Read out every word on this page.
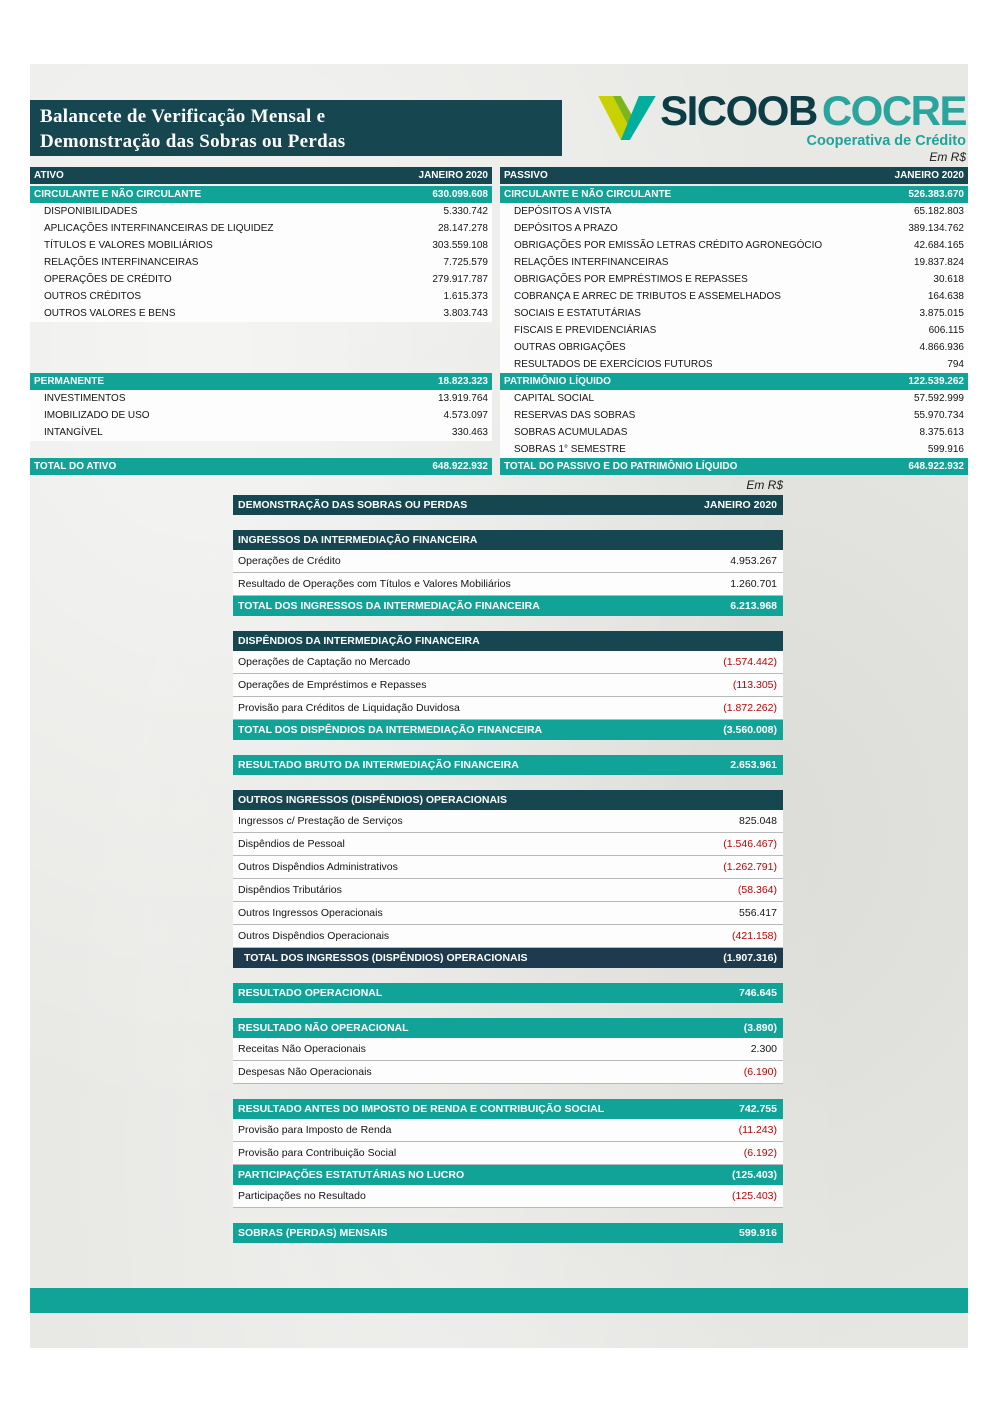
Balancete de Verificação Mensal e
Demonstração das Sobras ou Perdas
SICOOB COCRE
Cooperativa de Crédito
Em R$
ATIVO	JANEIRO 2020
CIRCULANTE E NÃO CIRCULANTE	630.099.608
DISPONIBILIDADES	5.330.742
APLICAÇÕES INTERFINANCEIRAS DE LIQUIDEZ	28.147.278
TÍTULOS E VALORES MOBILIÁRIOS	303.559.108
RELAÇÕES INTERFINANCEIRAS	7.725.579
OPERAÇÕES DE CRÉDITO	279.917.787
OUTROS CRÉDITOS	1.615.373
OUTROS VALORES E BENS	3.803.743
PERMANENTE	18.823.323
INVESTIMENTOS	13.919.764
IMOBILIZADO DE USO	4.573.097
INTANGÍVEL	330.463
TOTAL DO ATIVO	648.922.932
PASSIVO	JANEIRO 2020
CIRCULANTE E NÃO CIRCULANTE	526.383.670
DEPÓSITOS A VISTA	65.182.803
DEPÓSITOS A PRAZO	389.134.762
OBRIGAÇÕES POR EMISSÃO LETRAS CRÉDITO AGRONEGÓCIO	42.684.165
RELAÇÕES INTERFINANCEIRAS	19.837.824
OBRIGAÇÕES POR EMPRÉSTIMOS E REPASSES	30.618
COBRANÇA E ARREC DE TRIBUTOS E ASSEMELHADOS	164.638
SOCIAIS E ESTATUTÁRIAS	3.875.015
FISCAIS E PREVIDENCIÁRIAS	606.115
OUTRAS OBRIGAÇÕES	4.866.936
RESULTADOS DE EXERCÍCIOS FUTUROS	794
PATRIMÔNIO LÍQUIDO	122.539.262
CAPITAL SOCIAL	57.592.999
RESERVAS DAS SOBRAS	55.970.734
SOBRAS ACUMULADAS	8.375.613
SOBRAS 1° SEMESTRE	599.916
TOTAL DO PASSIVO E DO PATRIMÔNIO LÍQUIDO	648.922.932
Em R$
DEMONSTRAÇÃO DAS SOBRAS OU PERDAS	JANEIRO 2020
INGRESSOS DA INTERMEDIAÇÃO FINANCEIRA
Operações de Crédito	4.953.267
Resultado de Operações com Títulos e Valores Mobiliários	1.260.701
TOTAL DOS INGRESSOS DA INTERMEDIAÇÃO FINANCEIRA	6.213.968
DISPÊNDIOS DA INTERMEDIAÇÃO FINANCEIRA
Operações de Captação no Mercado	(1.574.442)
Operações de Empréstimos e Repasses	(113.305)
Provisão para Créditos de Liquidação Duvidosa	(1.872.262)
TOTAL DOS DISPÊNDIOS DA INTERMEDIAÇÃO FINANCEIRA	(3.560.008)
RESULTADO BRUTO DA INTERMEDIAÇÃO FINANCEIRA	2.653.961
OUTROS INGRESSOS (DISPÊNDIOS) OPERACIONAIS
Ingressos c/ Prestação de Serviços	825.048
Dispêndios de Pessoal	(1.546.467)
Outros Dispêndios Administrativos	(1.262.791)
Dispêndios Tributários	(58.364)
Outros Ingressos Operacionais	556.417
Outros Dispêndios Operacionais	(421.158)
TOTAL DOS INGRESSOS (DISPÊNDIOS) OPERACIONAIS	(1.907.316)
RESULTADO OPERACIONAL	746.645
RESULTADO NÃO OPERACIONAL	(3.890)
Receitas Não Operacionais	2.300
Despesas Não Operacionais	(6.190)
RESULTADO ANTES DO IMPOSTO DE RENDA E CONTRIBUIÇÃO SOCIAL	742.755
Provisão para Imposto de Renda	(11.243)
Provisão para Contribuição Social	(6.192)
PARTICIPAÇÕES ESTATUTÁRIAS NO LUCRO	(125.403)
Participações no Resultado	(125.403)
SOBRAS (PERDAS) MENSAIS	599.916
